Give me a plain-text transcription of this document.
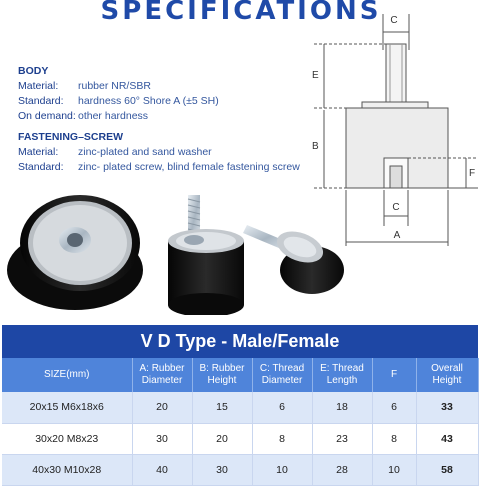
SPECIFICATIONS
BODY
Material:	rubber NR/SBR
Standard:	hardness 60° Shore A (±5 SH)
On demand: other hardness
FASTENING–SCREW
Material:	zinc-plated and sand washer
Standard:	zinc- plated screw, blind female fastening screw
C
E
B
F
C
A
V D Type - Male/Female
SIZE(mm)	A: Rubber Diameter	B: Rubber Height	C: Thread Diameter	E: Thread Length	F	Overall Height
20x15 M6x18x6	20	15	6	18	6	33
30x20 M8x23	30	20	8	23	8	43
40x30 M10x28	40	30	10	28	10	58
